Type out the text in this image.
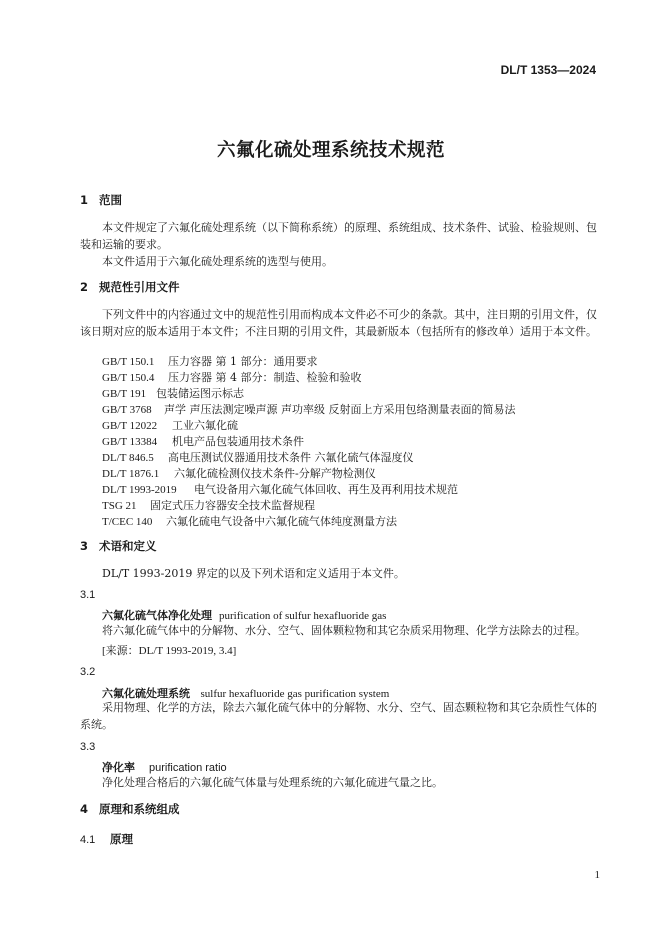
DL/T 1353—2024
六氟化硫处理系统技术规范
1 范围
本文件规定了六氟化硫处理系统（以下简称系统）的原理、系统组成、技术条件、试验、检验规则、包装和运输的要求。
本文件适用于六氟化硫处理系统的选型与使用。
2 规范性引用文件
下列文件中的内容通过文中的规范性引用而构成本文件必不可少的条款。其中，注日期的引用文件，仅该日期对应的版本适用于本文件；不注日期的引用文件，其最新版本（包括所有的修改单）适用于本文件。
GB/T 150.1 压力容器 第 1 部分：通用要求
GB/T 150.4 压力容器 第 4 部分：制造、检验和验收
GB/T 191 包装储运图示标志
GB/T 3768 声学 声压法测定噪声源 声功率级 反射面上方采用包络测量表面的简易法
GB/T 12022 工业六氟化硫
GB/T 13384 机电产品包装通用技术条件
DL/T 846.5 高电压测试仪器通用技术条件 六氟化硫气体湿度仪
DL/T 1876.1 六氟化硫检测仪技术条件-分解产物检测仪
DL/T 1993-2019 电气设备用六氟化硫气体回收、再生及再利用技术规范
TSG 21 固定式压力容器安全技术监督规程
T/CEC 140 六氟化硫电气设备中六氟化硫气体纯度测量方法
3 术语和定义
DL/T 1993-2019 界定的以及下列术语和定义适用于本文件。
3.1
六氟化硫气体净化处理 purification of sulfur hexafluoride gas
将六氟化硫气体中的分解物、水分、空气、固体颗粒物和其它杂质采用物理、化学方法除去的过程。
[来源：DL/T 1993-2019, 3.4]
3.2
六氟化硫处理系统 sulfur hexafluoride gas purification system
采用物理、化学的方法，除去六氟化硫气体中的分解物、水分、空气、固态颗粒物和其它杂质性气体的系统。
3.3
净化率 purification ratio
净化处理合格后的六氟化硫气体量与处理系统的六氟化硫进气量之比。
4 原理和系统组成
4.1 原理
1
